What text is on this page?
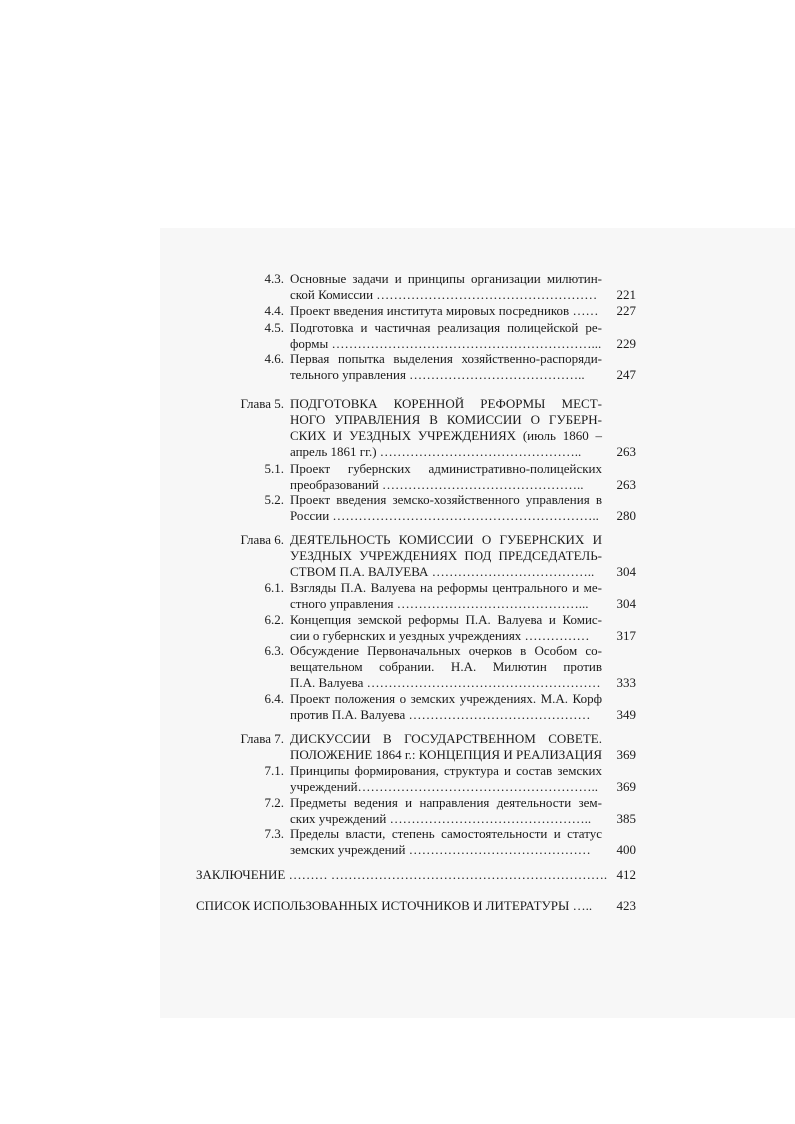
4.3. Основные задачи и принципы организации милютин-
ской Комиссии ……………………………………………	221
4.4. Проект введения института мировых посредников ……	227
4.5. Подготовка и частичная реализация полицейской ре-
формы ……………………………………………………...	229
4.6. Первая попытка выделения хозяйственно-распоряди-
тельного управления …………………………………..	247
Глава 5. ПОДГОТОВКА КОРЕННОЙ РЕФОРМЫ МЕСТ-
НОГО УПРАВЛЕНИЯ В КОМИССИИ О ГУБЕРН-
СКИХ И УЕЗДНЫХ УЧРЕЖДЕНИЯХ (июль 1860 –
апрель 1861 гг.) ………………………………………..	263
5.1. Проект губернских административно-полицейских
преобразований ………………………………………..	263
5.2. Проект введения земско-хозяйственного управления в
России ……………………………………………………..	280
Глава 6. ДЕЯТЕЛЬНОСТЬ КОМИССИИ О ГУБЕРНСКИХ И
УЕЗДНЫХ УЧРЕЖДЕНИЯХ ПОД ПРЕДСЕДАТЕЛЬ-
СТВОМ П.А. ВАЛУЕВА ………………………………..	304
6.1. Взгляды П.А. Валуева на реформы центрального и ме-
стного управления ……………………………………...	304
6.2. Концепция земской реформы П.А. Валуева и Комис-
сии о губернских и уездных учреждениях ……………	317
6.3. Обсуждение Первоначальных очерков в Особом со-
вещательном собрании. Н.А. Милютин против
П.А. Валуева ………………………………………………	333
6.4. Проект положения о земских учреждениях. М.А. Корф
против П.А. Валуева ……………………………………	349
Глава 7. ДИСКУССИИ В ГОСУДАРСТВЕННОМ СОВЕТЕ.
ПОЛОЖЕНИЕ 1864 г.: КОНЦЕПЦИЯ И РЕАЛИЗАЦИЯ	369
7.1. Принципы формирования, структура и состав земских
учреждений………………………………………………..	369
7.2. Предметы ведения и направления деятельности зем-
ских учреждений ………………………………………..	385
7.3. Пределы власти, степень самостоятельности и статус
земских учреждений ……………………………………	400
ЗАКЛЮЧЕНИЕ ……… ………………………………………………………. 412
СПИСОК ИСПОЛЬЗОВАННЫХ ИСТОЧНИКОВ И ЛИТЕРАТУРЫ …..	423
